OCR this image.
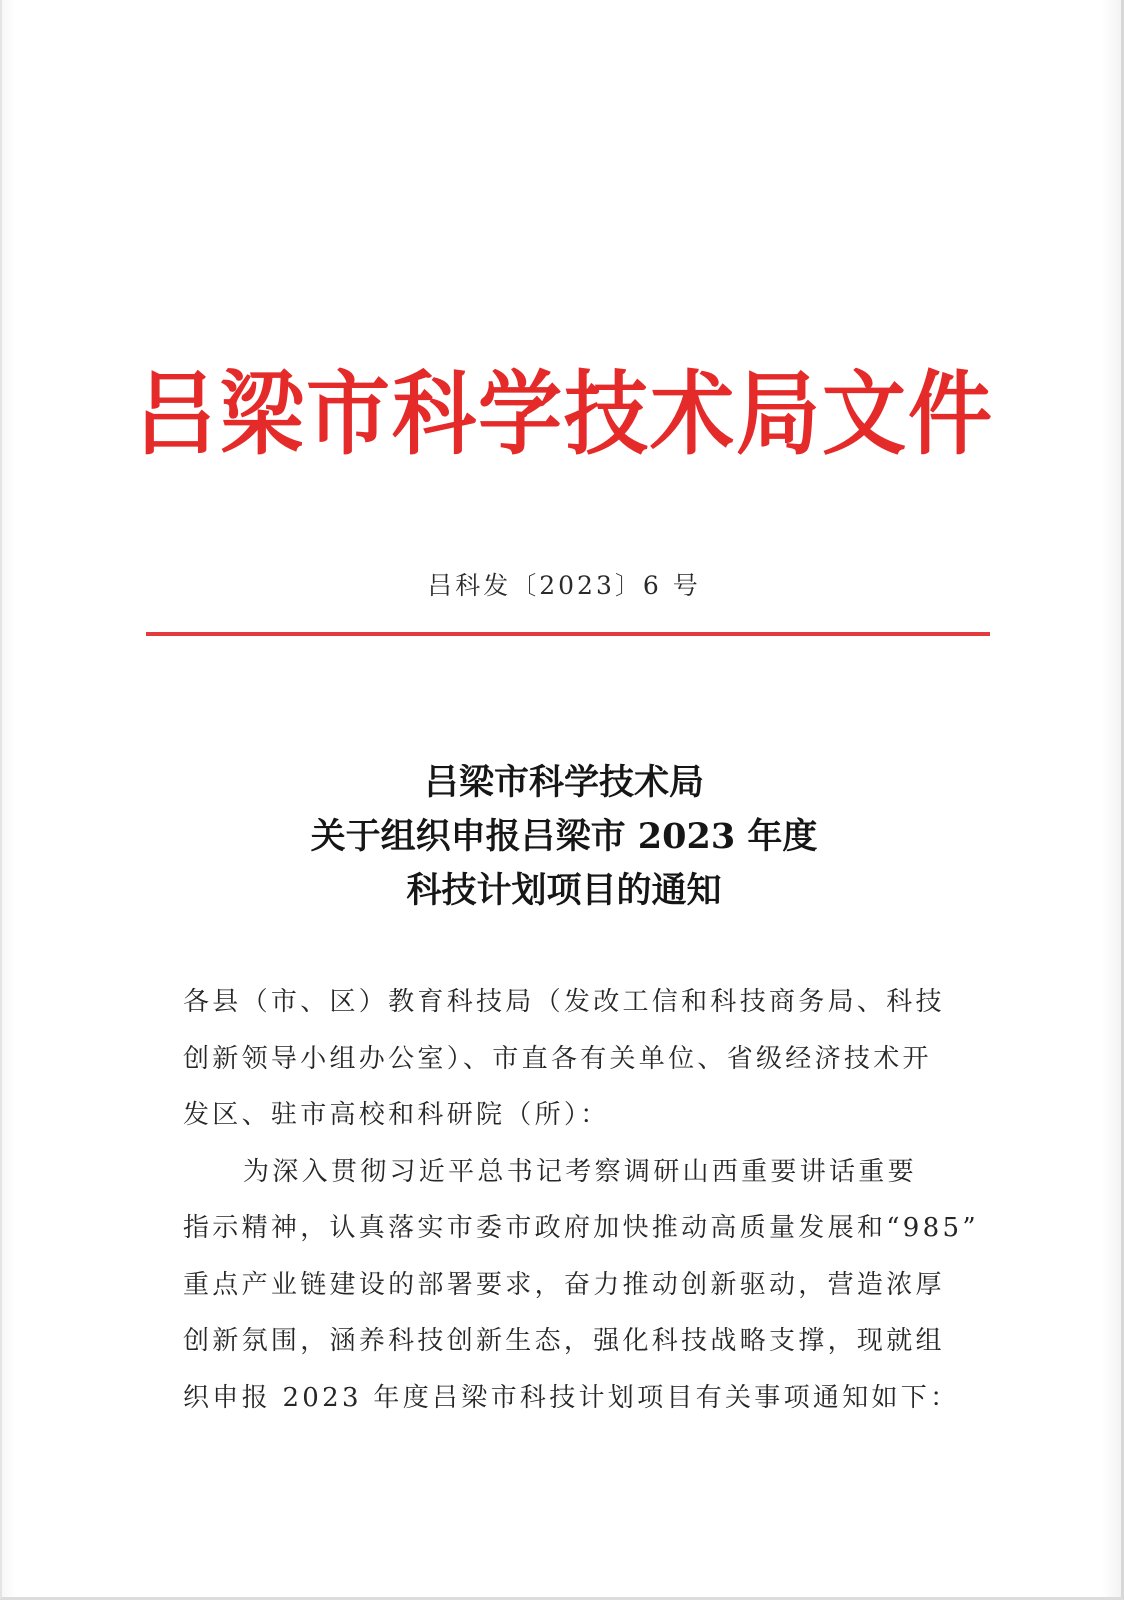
吕梁市科学技术局文件
吕科发〔2023〕6 号
吕梁市科学技术局
关于组织申报吕梁市 2023 年度
科技计划项目的通知
各县（市、区）教育科技局（发改工信和科技商务局、科技
创新领导小组办公室）、市直各有关单位、省级经济技术开
发区、驻市高校和科研院（所）：
为深入贯彻习近平总书记考察调研山西重要讲话重要
指示精神，认真落实市委市政府加快推动高质量发展和“985”
重点产业链建设的部署要求，奋力推动创新驱动，营造浓厚
创新氛围，涵养科技创新生态，强化科技战略支撑，现就组
织申报 2023 年度吕梁市科技计划项目有关事项通知如下：
